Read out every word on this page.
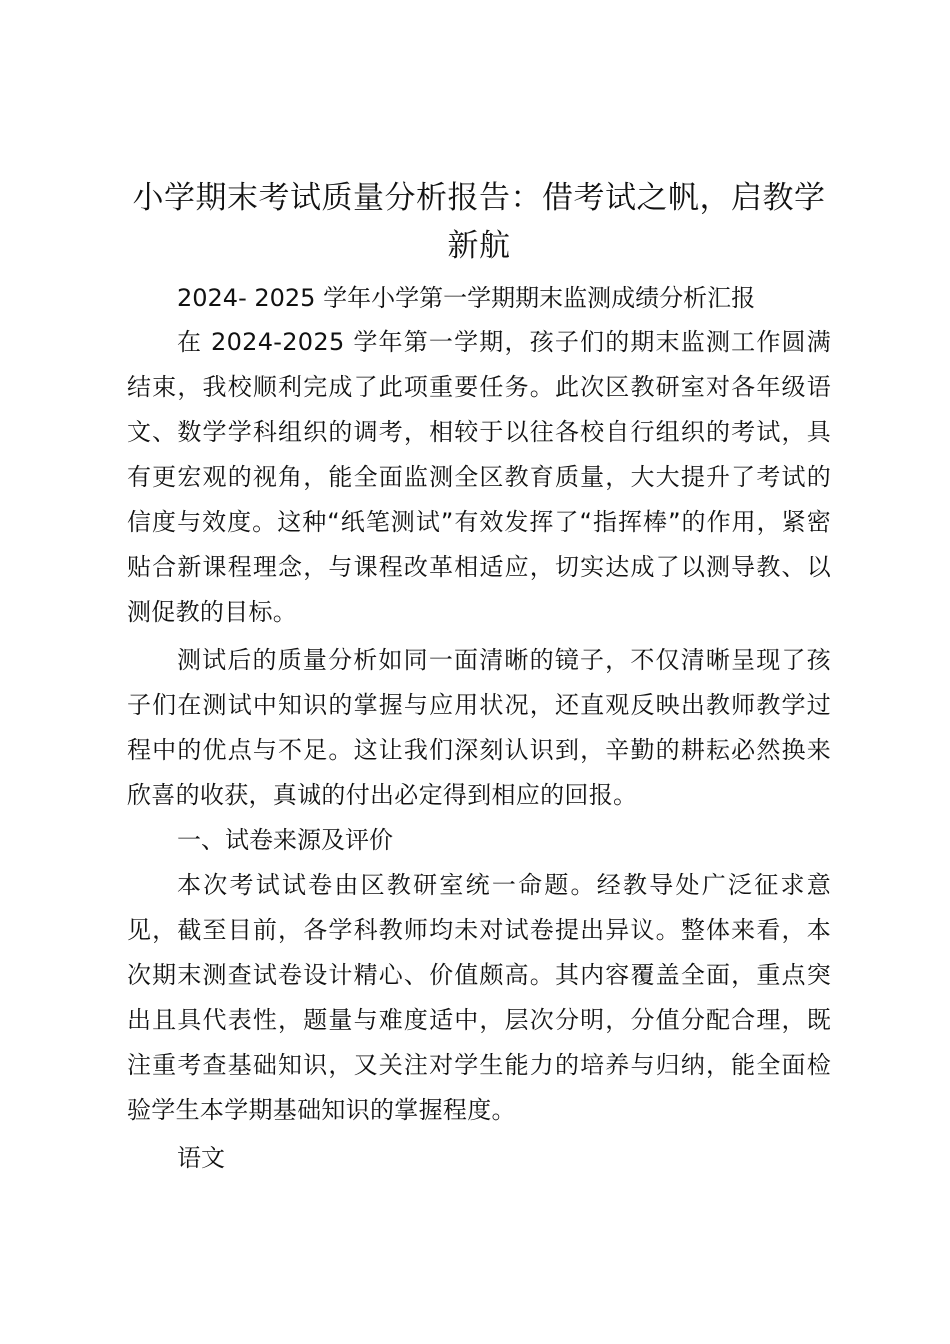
小学期末考试质量分析报告：借考试之帆，启教学新航

2024- 2025 学年小学第一学期期末监测成绩分析汇报

在 2024-2025 学年第一学期，孩子们的期末监测工作圆满结束，我校顺利完成了此项重要任务。此次区教研室对各年级语文、数学学科组织的调考，相较于以往各校自行组织的考试，具有更宏观的视角，能全面监测全区教育质量，大大提升了考试的信度与效度。这种“纸笔测试”有效发挥了“指挥棒”的作用，紧密贴合新课程理念，与课程改革相适应，切实达成了以测导教、以测促教的目标。

测试后的质量分析如同一面清晰的镜子，不仅清晰呈现了孩子们在测试中知识的掌握与应用状况，还直观反映出教师教学过程中的优点与不足。这让我们深刻认识到，辛勤的耕耘必然换来欣喜的收获，真诚的付出必定得到相应的回报。

一、试卷来源及评价

本次考试试卷由区教研室统一命题。经教导处广泛征求意见，截至目前，各学科教师均未对试卷提出异议。整体来看，本次期末测查试卷设计精心、价值颇高。其内容覆盖全面，重点突出且具代表性，题量与难度适中，层次分明，分值分配合理，既注重考查基础知识，又关注对学生能力的培养与归纳，能全面检验学生本学期基础知识的掌握程度。

语文
